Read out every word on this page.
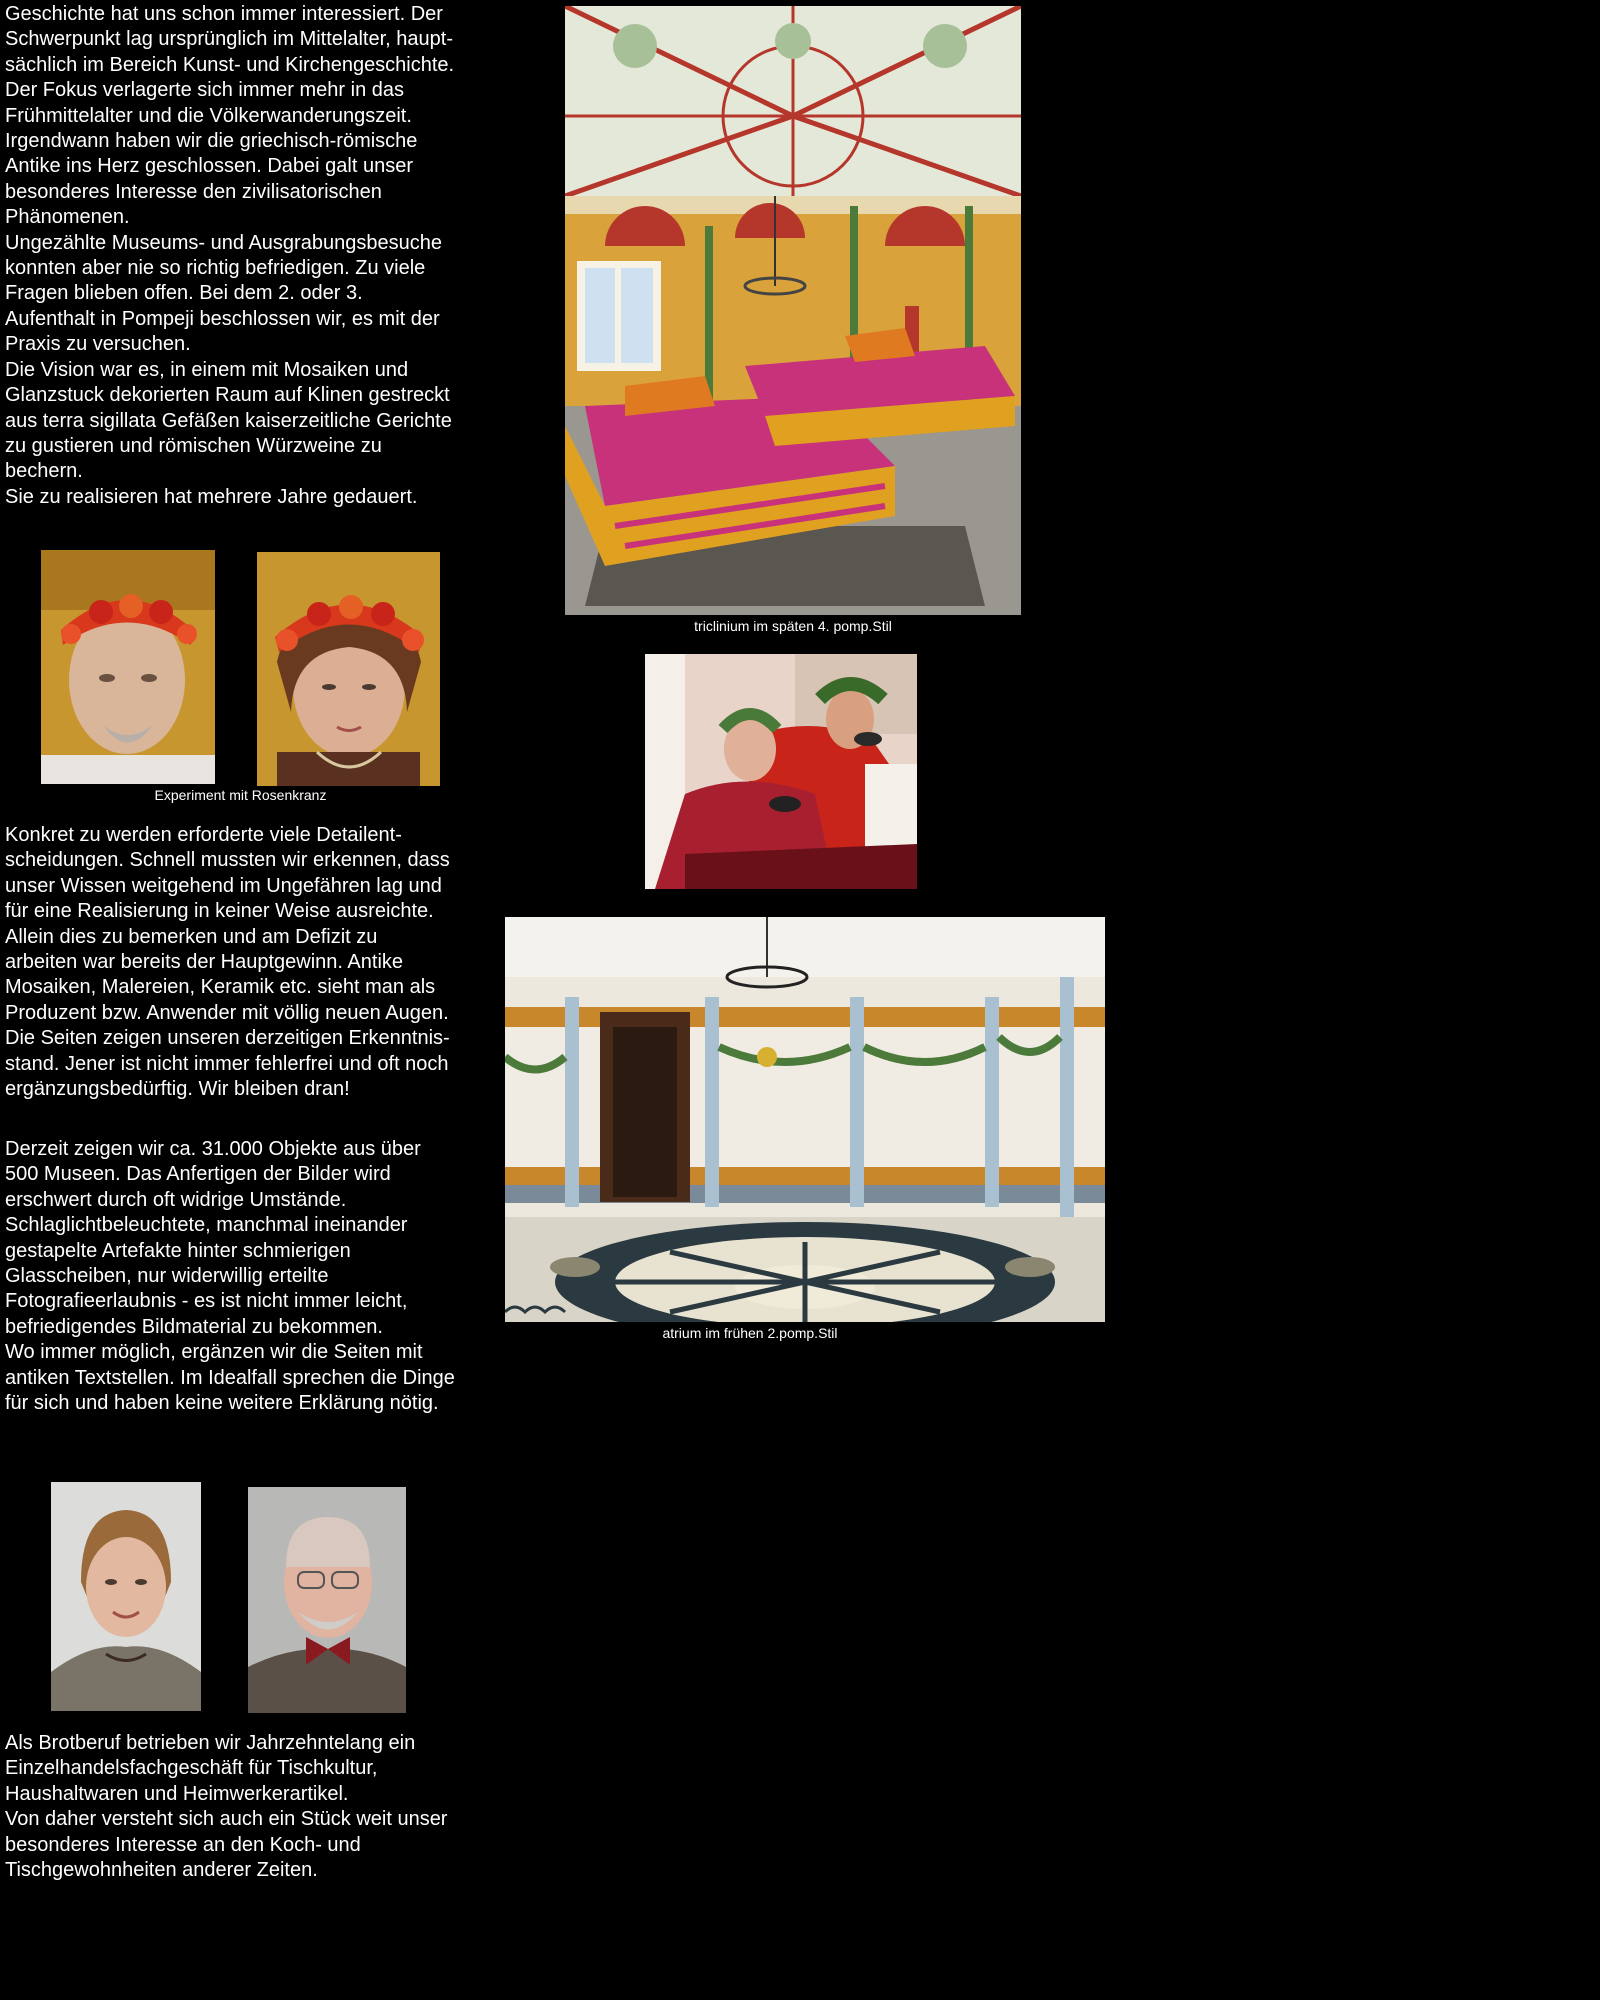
Geschichte hat uns schon immer interessiert. Der
Schwerpunkt lag ursprünglich im Mittelalter, haupt-
sächlich im Bereich Kunst- und Kirchengeschichte.
Der Fokus verlagerte sich immer mehr in das
Frühmittelalter und die Völkerwanderungszeit.
Irgendwann haben wir die griechisch-römische
Antike ins Herz geschlossen. Dabei galt unser
besonderes Interesse den zivilisatorischen
Phänomenen.
Ungezählte Museums- und Ausgrabungsbesuche
konnten aber nie so richtig befriedigen. Zu viele
Fragen blieben offen. Bei dem 2. oder 3.
Aufenthalt in Pompeji beschlossen wir, es mit der
Praxis zu versuchen.
Die Vision war es, in einem mit Mosaiken und
Glanzstuck dekorierten Raum auf Klinen gestreckt
aus terra sigillata Gefäßen kaiserzeitliche Gerichte
zu gustieren und römischen Würzweine zu
bechern.
Sie zu realisieren hat mehrere Jahre gedauert.
Experiment mit Rosenkranz
Konkret zu werden erforderte viele Detailent-
scheidungen. Schnell mussten wir erkennen, dass
unser Wissen weitgehend im Ungefähren lag und
für eine Realisierung in keiner Weise ausreichte.
Allein dies zu bemerken und am Defizit zu
arbeiten war bereits der Hauptgewinn. Antike
Mosaiken, Malereien, Keramik etc. sieht man als
Produzent bzw. Anwender mit völlig neuen Augen.
Die Seiten zeigen unseren derzeitigen Erkenntnis-
stand. Jener ist nicht immer fehlerfrei und oft noch
ergänzungsbedürftig. Wir bleiben dran!
Derzeit zeigen wir ca. 31.000 Objekte aus über
500 Museen. Das Anfertigen der Bilder wird
erschwert durch oft widrige Umstände.
Schlaglichtbeleuchtete, manchmal ineinander
gestapelte Artefakte hinter schmierigen
Glasscheiben, nur widerwillig erteilte
Fotografieerlaubnis - es ist nicht immer leicht,
befriedigendes Bildmaterial zu bekommen.
Wo immer möglich, ergänzen wir die Seiten mit
antiken Textstellen. Im Idealfall sprechen die Dinge
für sich und haben keine weitere Erklärung nötig.
Als Brotberuf betrieben wir Jahrzehntelang ein
Einzelhandelsfachgeschäft für Tischkultur,
Haushaltwaren und Heimwerkerartikel.
Von daher versteht sich auch ein Stück weit unser
besonderes Interesse an den Koch- und
Tischgewohnheiten anderer Zeiten.
triclinium im späten 4. pomp.Stil
atrium im frühen 2.pomp.Stil
